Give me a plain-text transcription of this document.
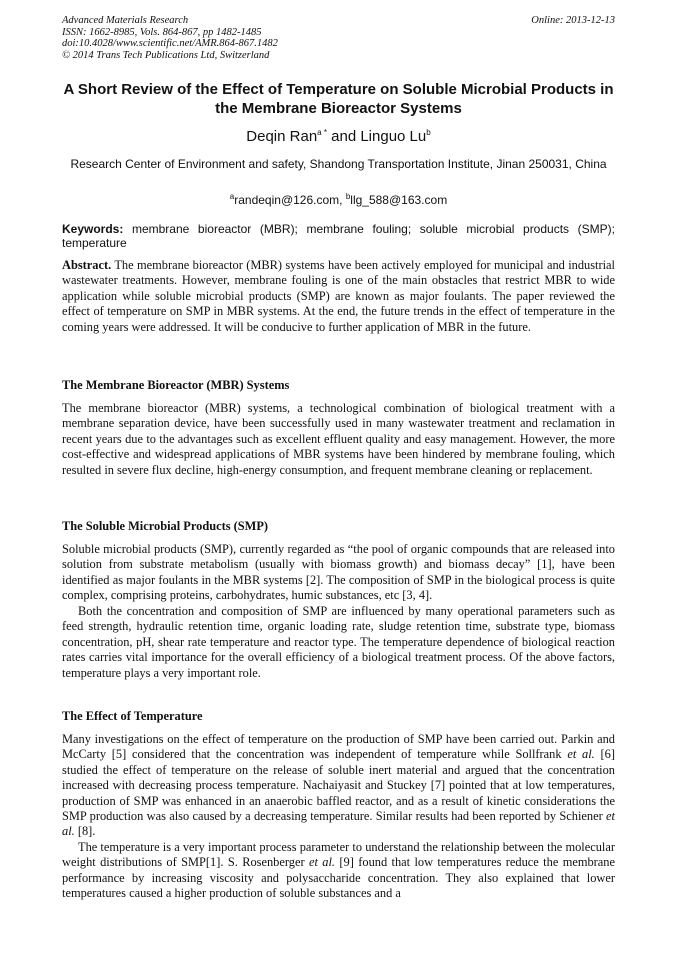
Advanced Materials Research
ISSN: 1662-8985, Vols. 864-867, pp 1482-1485
doi:10.4028/www.scientific.net/AMR.864-867.1482
© 2014 Trans Tech Publications Ltd, Switzerland
Online: 2013-12-13
A Short Review of the Effect of Temperature on Soluble Microbial Products in the Membrane Bioreactor Systems
Deqin Ran$^{a *}$ and Linguo Lu$^b$
Research Center of Environment and safety, Shandong Transportation Institute, Jinan 250031, China
$^a$randeqin@126.com, $^b$llg_588@163.com
Keywords: membrane bioreactor (MBR); membrane fouling; soluble microbial products (SMP); temperature
Abstract. The membrane bioreactor (MBR) systems have been actively employed for municipal and industrial wastewater treatments. However, membrane fouling is one of the main obstacles that restrict MBR to wide application while soluble microbial products (SMP) are known as major foulants. The paper reviewed the effect of temperature on SMP in MBR systems. At the end, the future trends in the effect of temperature in the coming years were addressed. It will be conducive to further application of MBR in the future.
The Membrane Bioreactor (MBR) Systems

The membrane bioreactor (MBR) systems, a technological combination of biological treatment with a membrane separation device, have been successfully used in many wastewater treatment and reclamation in recent years due to the advantages such as excellent effluent quality and easy management. However, the more cost-effective and widespread applications of MBR systems have been hindered by membrane fouling, which resulted in severe flux decline, high-energy consumption, and frequent membrane cleaning or replacement.

The Soluble Microbial Products (SMP)

Soluble microbial products (SMP), currently regarded as “the pool of organic compounds that are released into solution from substrate metabolism (usually with biomass growth) and biomass decay” [1], have been identified as major foulants in the MBR systems [2]. The composition of SMP in the biological process is quite complex, comprising proteins, carbohydrates, humic substances, etc [3, 4].

Both the concentration and composition of SMP are influenced by many operational parameters such as feed strength, hydraulic retention time, organic loading rate, sludge retention time, substrate type, biomass concentration, pH, shear rate temperature and reactor type. The temperature dependence of biological reaction rates carries vital importance for the overall efficiency of a biological treatment process. Of the above factors, temperature plays a very important role.

The Effect of Temperature

Many investigations on the effect of temperature on the production of SMP have been carried out. Parkin and McCarty [5] considered that the concentration was independent of temperature while Sollfrank et al. [6] studied the effect of temperature on the release of soluble inert material and argued that the concentration increased with decreasing process temperature. Nachaiyasit and Stuckey [7] pointed that at low temperatures, production of SMP was enhanced in an anaerobic baffled reactor, and as a result of kinetic considerations the SMP production was also caused by a decreasing temperature. Similar results had been reported by Schiener et al. [8].

The temperature is a very important process parameter to understand the relationship between the molecular weight distributions of SMP[1]. S. Rosenberger et al. [9] found that low temperatures reduce the membrane performance by increasing viscosity and polysaccharide concentration. They also explained that lower temperatures caused a higher production of soluble substances and a
